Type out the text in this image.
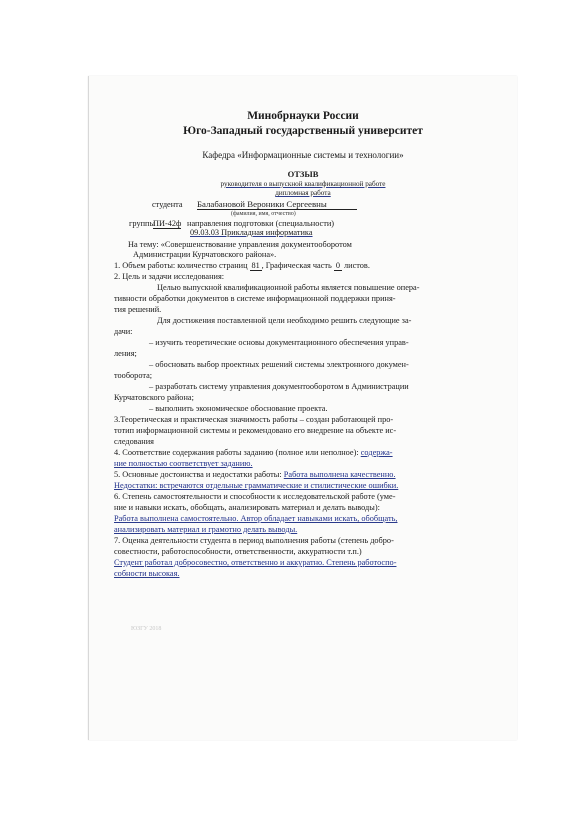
Минобрнауки России
Юго-Западный государственный университет
Кафедра «Информационные системы и технологии»
ОТЗЫВ
руководителя о выпускной квалификационной работе
дипломная работа
студента Балабановой Вероники Сергеевны
(фамилия, имя, отчество)
группы
ПИ-42ф направления подготовки (специальности)
09.03.03 Прикладная информатика
На тему: «Совершенствование управления документооборотом
Администрации Курчатовского района».
1. Объем работы: количество страниц 81 , Графическая часть 0 листов.
2. Цель и задачи исследования:
Целью выпускной квалификационной работы является повышение опера-
тивности обработки документов в системе информационной поддержки приня-
тия решений.
Для достижения поставленной цели необходимо решить следующие за-
дачи:
– изучить теоретические основы документационного обеспечения управ-
ления;
– обосновать выбор проектных решений системы электронного докумен-
тооборота;
– разработать систему управления документооборотом в Администрации
Курчатовского района;
– выполнить экономическое обоснование проекта.
3.Теоретическая и практическая значимость работы – создан работающей про-
тотип информационной системы и рекомендовано его внедрение на объекте ис-
следования
4. Соответствие содержания работы заданию (полное или неполное): содержа-
ние полностью соответствует заданию.
5. Основные достоинства и недостатки работы: Работа выполнена качественно.
Недостатки: встречаются отдельные грамматические и стилистические ошибки.
6. Степень самостоятельности и способности к исследовательской работе (уме-
ние и навыки искать, обобщать, анализировать материал и делать выводы):
Работа выполнена самостоятельно. Автор обладает навыками искать, обобщать,
анализировать материал и грамотно делать выводы.
7. Оценка деятельности студента в период выполнения работы (степень добро-
совестности, работоспособности, ответственности, аккуратности т.п.)
Студент работал добросовестно, ответственно и аккуратно. Степень работоспо-
собности высокая.
ЮЗГУ 2018
